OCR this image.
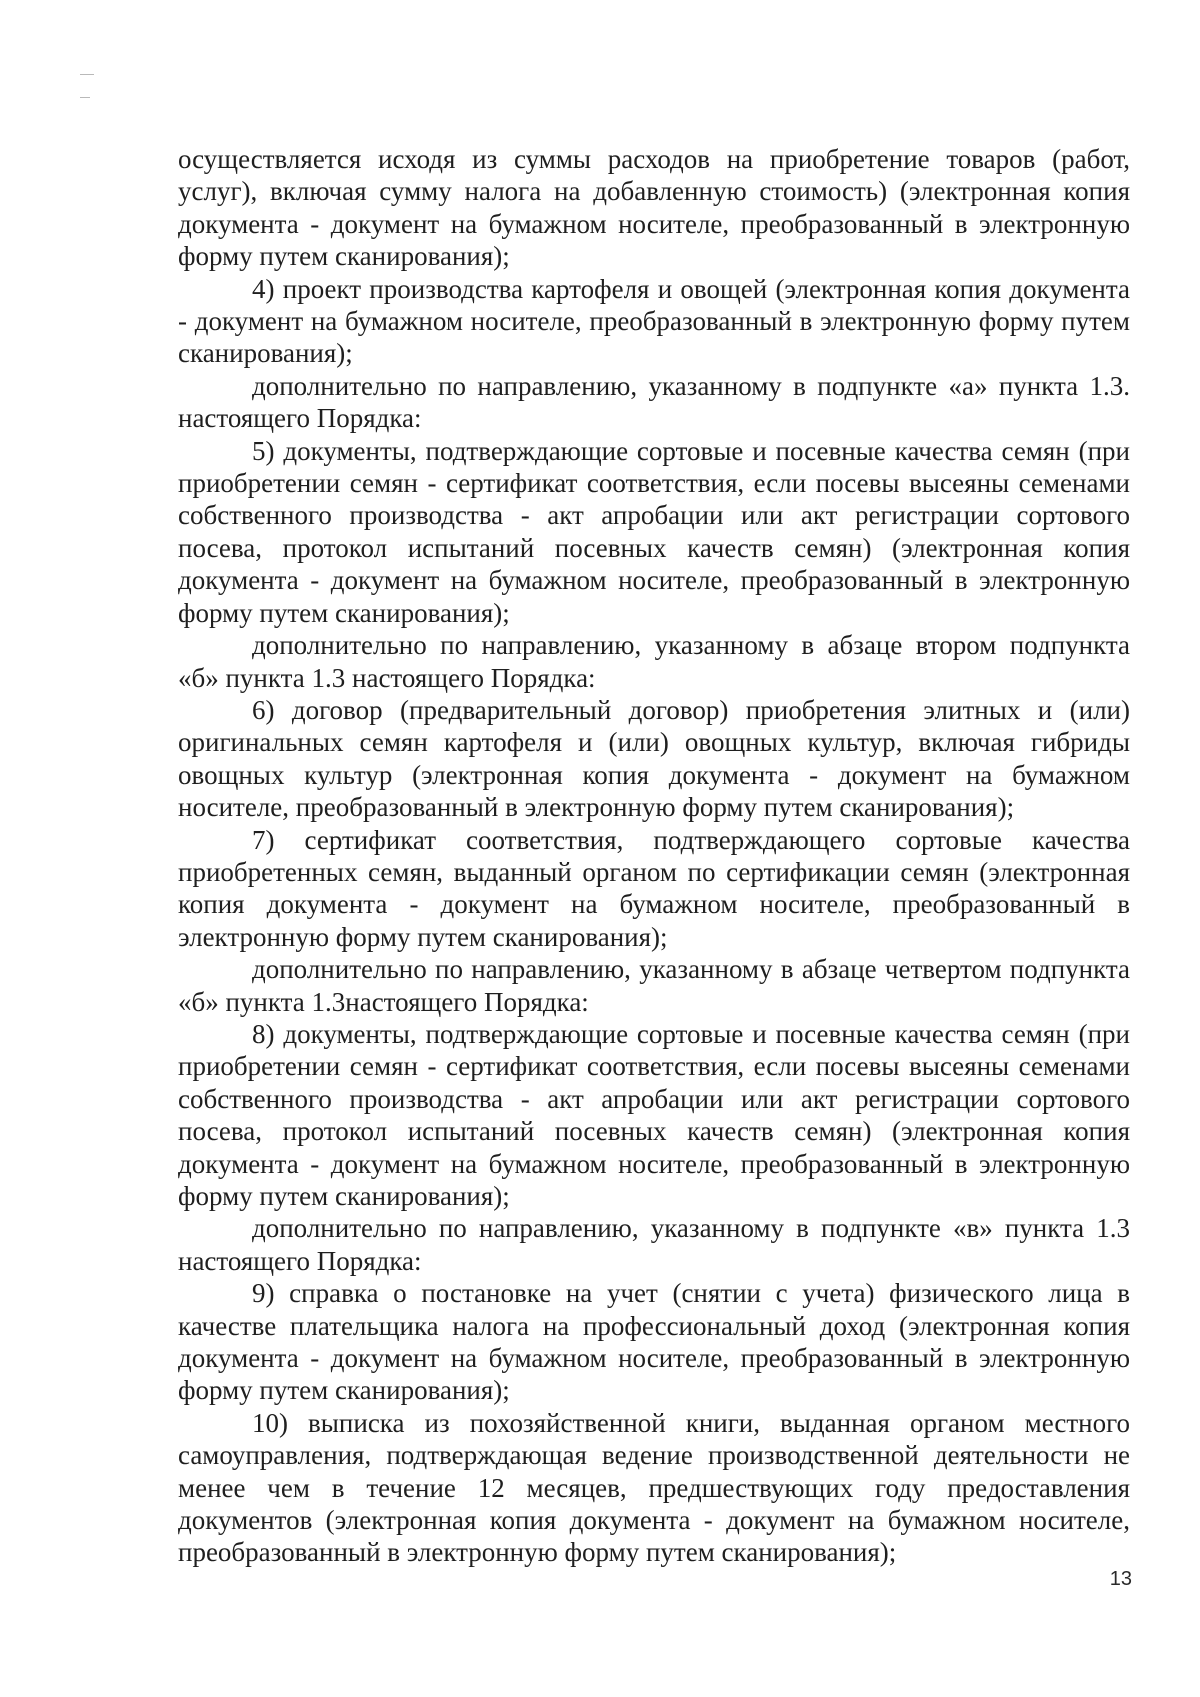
осуществляется исходя из суммы расходов на приобретение товаров (работ, услуг), включая сумму налога на добавленную стоимость) (электронная копия документа - документ на бумажном носителе, преобразованный в электронную форму путем сканирования);

4) проект производства картофеля и овощей (электронная копия документа - документ на бумажном носителе, преобразованный в электронную форму путем сканирования);

дополнительно по направлению, указанному в подпункте «а» пункта 1.3. настоящего Порядка:

5) документы, подтверждающие сортовые и посевные качества семян (при приобретении семян - сертификат соответствия, если посевы высеяны семенами собственного производства - акт апробации или акт регистрации сортового посева, протокол испытаний посевных качеств семян) (электронная копия документа - документ на бумажном носителе, преобразованный в электронную форму путем сканирования);

дополнительно по направлению, указанному в абзаце втором подпункта «б» пункта 1.3 настоящего Порядка:

6) договор (предварительный договор) приобретения элитных и (или) оригинальных семян картофеля и (или) овощных культур, включая гибриды овощных культур (электронная копия документа - документ на бумажном носителе, преобразованный в электронную форму путем сканирования);

7) сертификат соответствия, подтверждающего сортовые качества приобретенных семян, выданный органом по сертификации семян (электронная копия документа - документ на бумажном носителе, преобразованный в электронную форму путем сканирования);

дополнительно по направлению, указанному в абзаце четвертом подпункта «б» пункта 1.3настоящего Порядка:

8) документы, подтверждающие сортовые и посевные качества семян (при приобретении семян - сертификат соответствия, если посевы высеяны семенами собственного производства - акт апробации или акт регистрации сортового посева, протокол испытаний посевных качеств семян) (электронная копия документа - документ на бумажном носителе, преобразованный в электронную форму путем сканирования);

дополнительно по направлению, указанному в подпункте «в» пункта 1.3 настоящего Порядка:

9) справка о постановке на учет (снятии с учета) физического лица в качестве плательщика налога на профессиональный доход (электронная копия документа - документ на бумажном носителе, преобразованный в электронную форму путем сканирования);

10) выписка из похозяйственной книги, выданная органом местного самоуправления, подтверждающая ведение производственной деятельности не менее чем в течение 12 месяцев, предшествующих году предоставления документов (электронная копия документа - документ на бумажном носителе, преобразованный в электронную форму путем сканирования);

13
